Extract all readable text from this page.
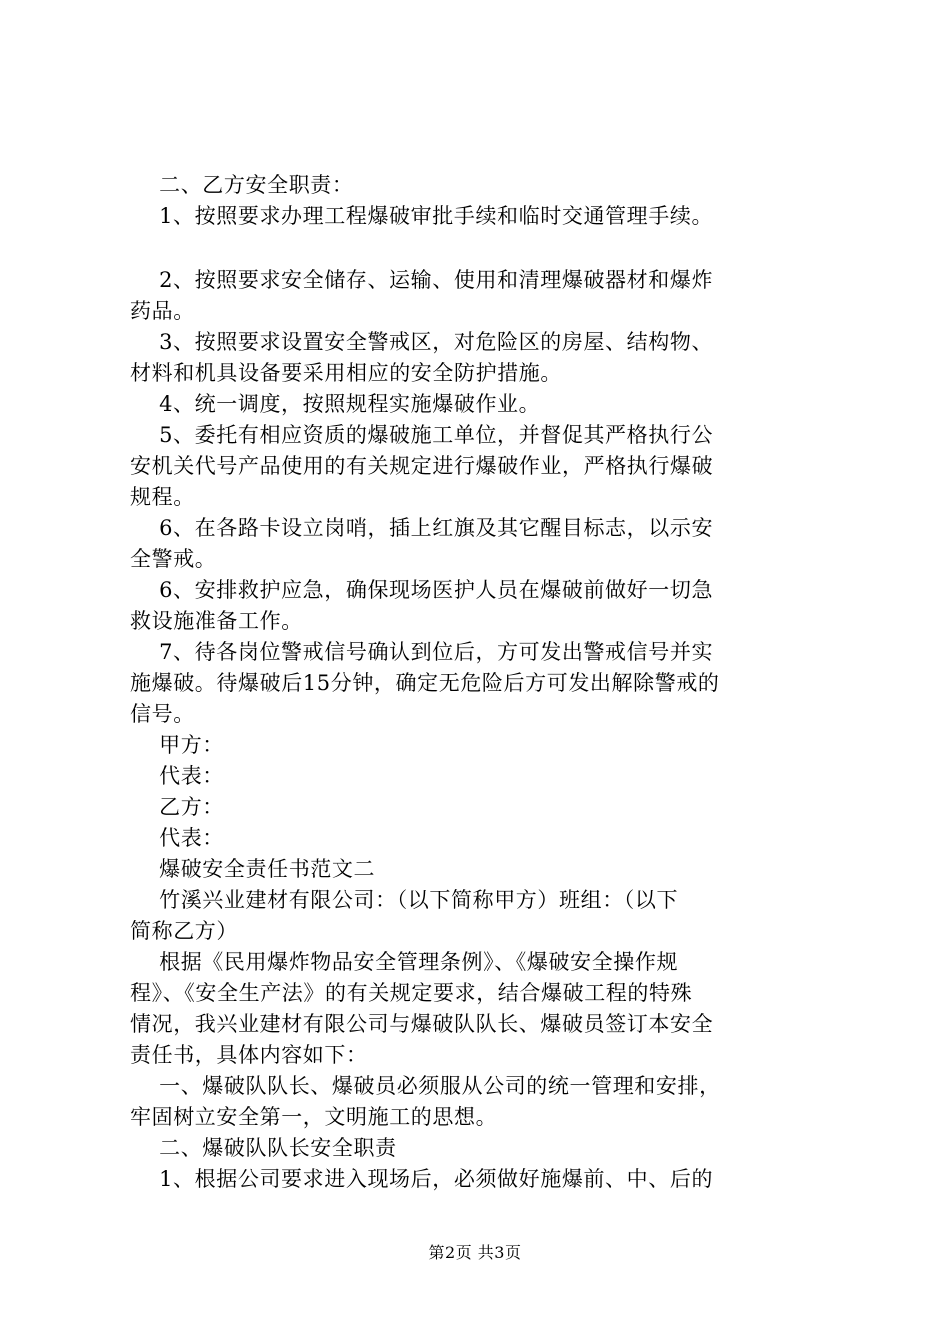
二、乙方安全职责：
1、按照要求办理工程爆破审批手续和临时交通管理手续。
2、按照要求安全储存、运输、使用和清理爆破器材和爆炸
药品。
3、按照要求设置安全警戒区，对危险区的房屋、结构物、
材料和机具设备要采用相应的安全防护措施。
4、统一调度，按照规程实施爆破作业。
5、委托有相应资质的爆破施工单位，并督促其严格执行公
安机关代号产品使用的有关规定进行爆破作业，严格执行爆破
规程。
6、在各路卡设立岗哨，插上红旗及其它醒目标志，以示安
全警戒。
6、安排救护应急，确保现场医护人员在爆破前做好一切急
救设施准备工作。
7、待各岗位警戒信号确认到位后，方可发出警戒信号并实
施爆破。待爆破后15分钟，确定无危险后方可发出解除警戒的
信号。
甲方：
代表：
乙方：
代表：
爆破安全责任书范文二
竹溪兴业建材有限公司：（以下简称甲方）班组：（以下
简称乙方）
根据《民用爆炸物品安全管理条例》、《爆破安全操作规
程》、《安全生产法》的有关规定要求，结合爆破工程的特殊
情况，我兴业建材有限公司与爆破队队长、爆破员签订本安全
责任书，具体内容如下：
一、爆破队队长、爆破员必须服从公司的统一管理和安排，
牢固树立安全第一，文明施工的思想。
二、爆破队队长安全职责
1、根据公司要求进入现场后，必须做好施爆前、中、后的
第2页 共3页
